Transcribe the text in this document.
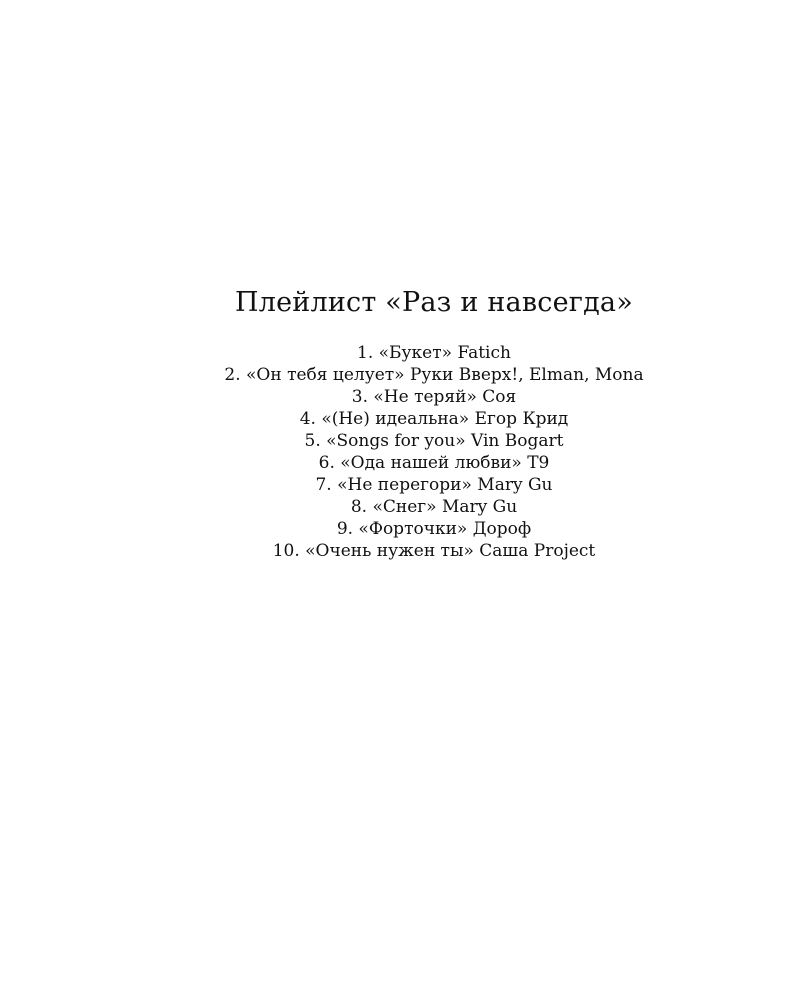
Плейлист «Раз и навсегда»
1. «Букет» Fatich
2. «Он тебя целует» Руки Вверх!, Elman, Mona
3. «Не теряй» Соя
4. «(Не) идеальна» Егор Крид
5. «Songs for you» Vin Bogart
6. «Ода нашей любви» T9
7. «Не перегори» Mary Gu
8. «Снег» Mary Gu
9. «Форточки» Дороф
10. «Очень нужен ты» Саша Project
